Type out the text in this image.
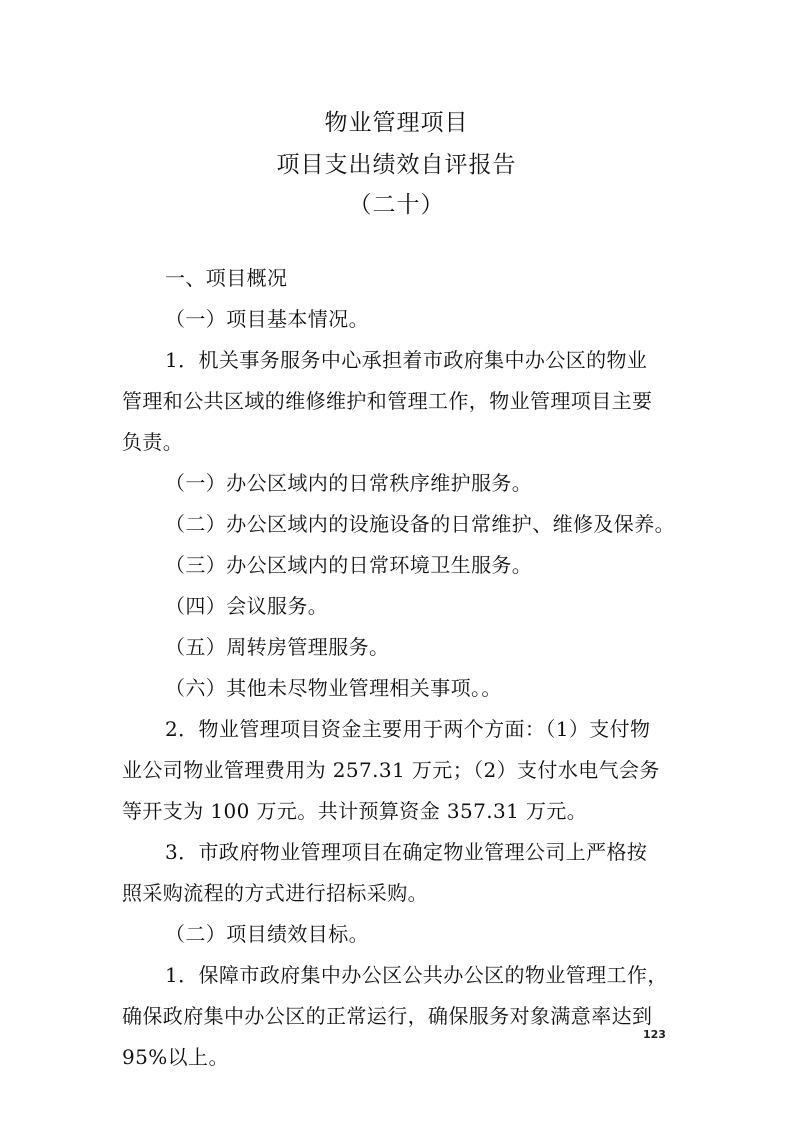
物业管理项目
项目支出绩效自评报告
（二十）

一、项目概况

（一）项目基本情况。

1．机关事务服务中心承担着市政府集中办公区的物业

管理和公共区域的维修维护和管理工作，物业管理项目主要

负责。

（一）办公区域内的日常秩序维护服务。

（二）办公区域内的设施设备的日常维护、维修及保养。

（三）办公区域内的日常环境卫生服务。

（四）会议服务。

（五）周转房管理服务。

（六）其他未尽物业管理相关事项。。

2．物业管理项目资金主要用于两个方面：（1）支付物

业公司物业管理费用为 257.31 万元；（2）支付水电气会务

等开支为 100 万元。共计预算资金 357.31 万元。

3．市政府物业管理项目在确定物业管理公司上严格按

照采购流程的方式进行招标采购。

（二）项目绩效目标。

1．保障市政府集中办公区公共办公区的物业管理工作，

确保政府集中办公区的正常运行，确保服务对象满意率达到

95%以上。

123
